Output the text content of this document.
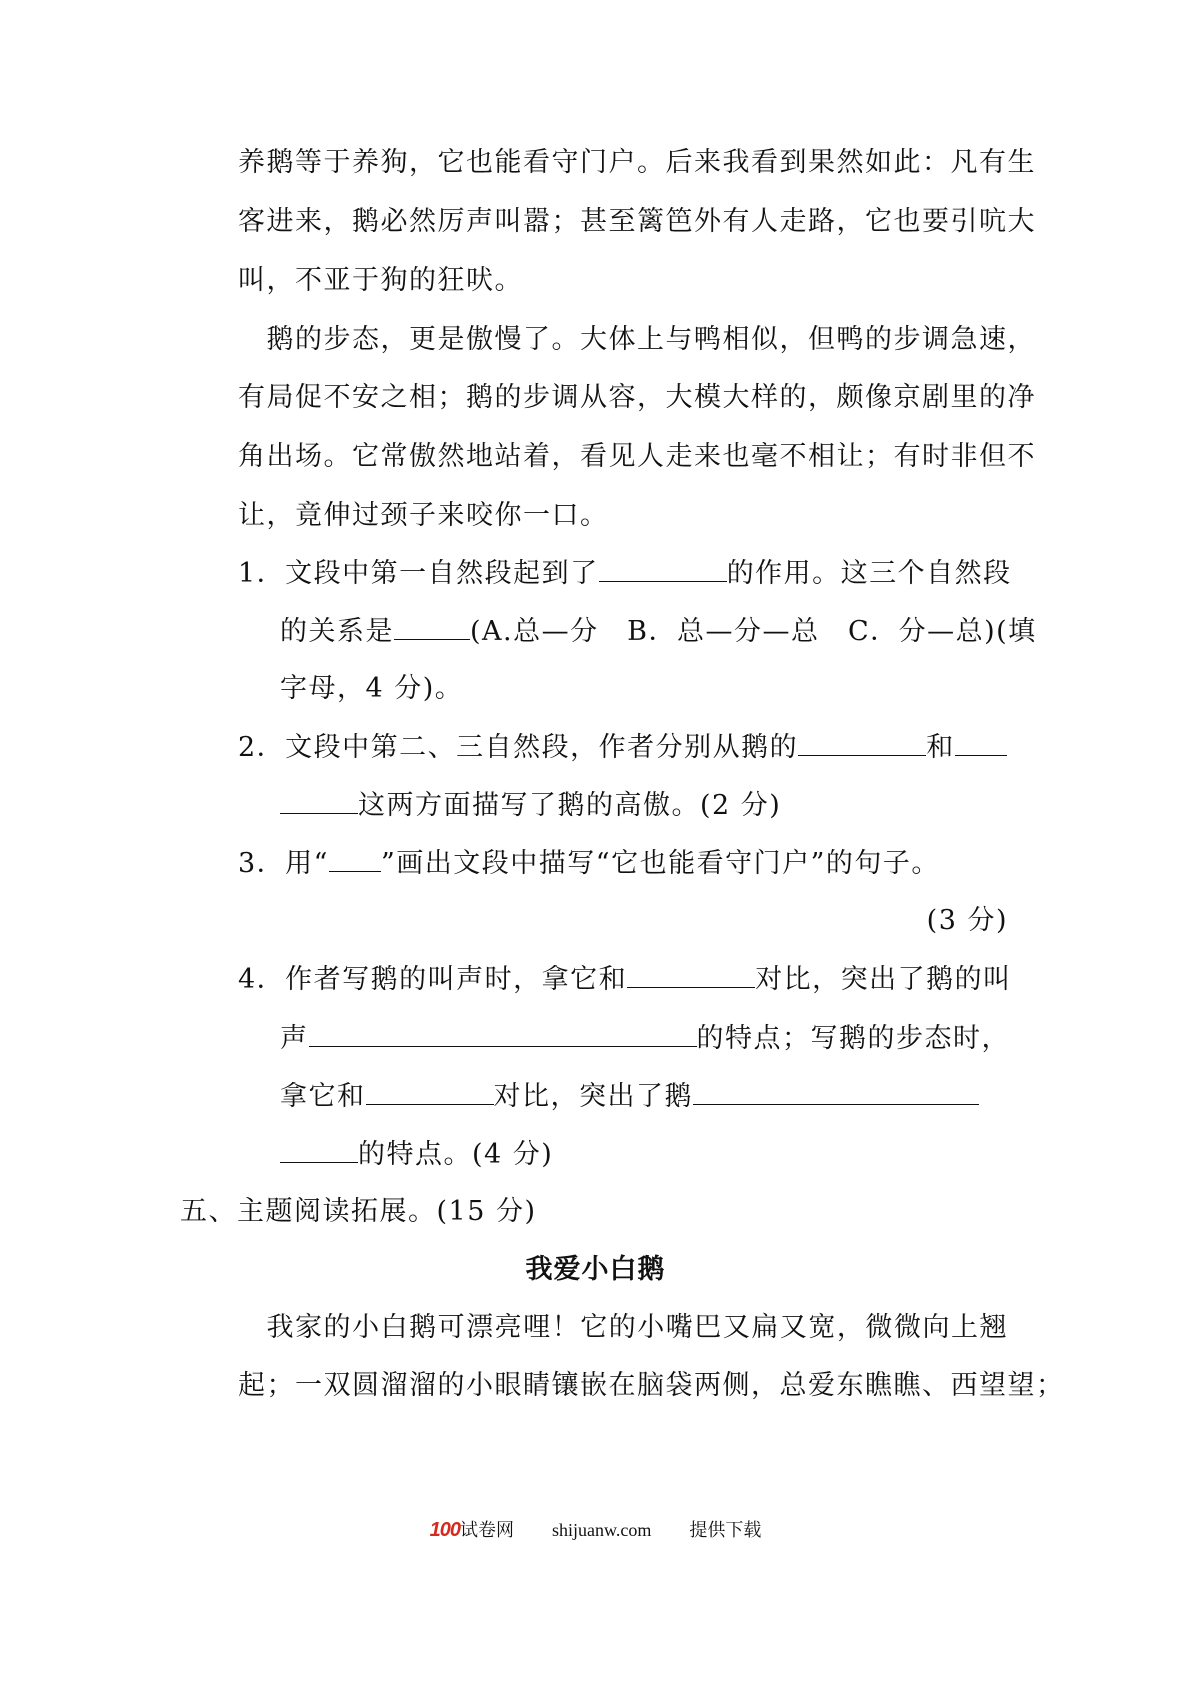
养鹅等于养狗，它也能看守门户。后来我看到果然如此：凡有生
客进来，鹅必然厉声叫嚣；甚至篱笆外有人走路，它也要引吭大
叫，不亚于狗的狂吠。
　鹅的步态，更是傲慢了。大体上与鸭相似，但鸭的步调急速，
有局促不安之相；鹅的步调从容，大模大样的，颇像京剧里的净
角出场。它常傲然地站着，看见人走来也毫不相让；有时非但不
让，竟伸过颈子来咬你一口。
1．文段中第一自然段起到了	的作用。这三个自然段
的关系是	(A.总—分　B．总—分—总　C．分—总)(填
字母，4 分)。
2．文段中第二、三自然段，作者分别从鹅的	和
这两方面描写了鹅的高傲。(2 分)
3．用“ ”画出文段中描写“它也能看守门户”的句子。
(3 分)
4．作者写鹅的叫声时，拿它和	对比，突出了鹅的叫
声	的特点；写鹅的步态时，
拿它和	对比，突出了鹅
的特点。(4 分)
五、主题阅读拓展。(15 分)
我爱小白鹅
　我家的小白鹅可漂亮哩！它的小嘴巴又扁又宽，微微向上翘
起；一双圆溜溜的小眼睛镶嵌在脑袋两侧，总爱东瞧瞧、西望望；
100试卷网 shijuanw.com 提供下载
